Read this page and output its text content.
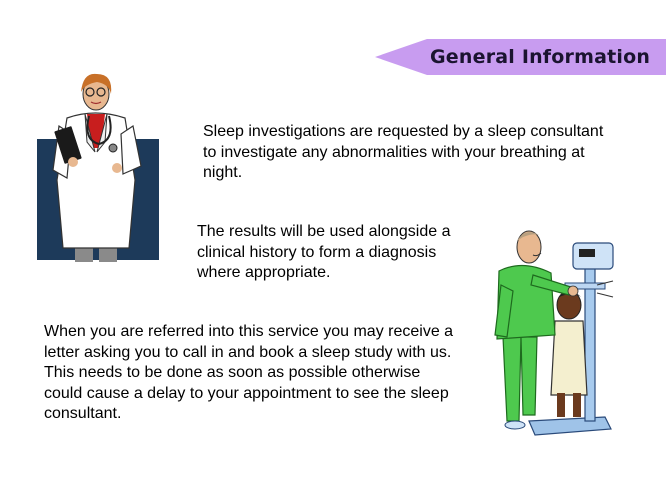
General Information

Sleep investigations are requested by a sleep consultant to investigate any abnormalities with your breathing at night.

The results will be used alongside a clinical history to form a diagnosis where appropriate.

When you are referred into this service you may receive a letter asking you to call in and book a sleep study with us. This needs to be done as soon as possible otherwise could cause a delay to your appointment to see the sleep consultant.
